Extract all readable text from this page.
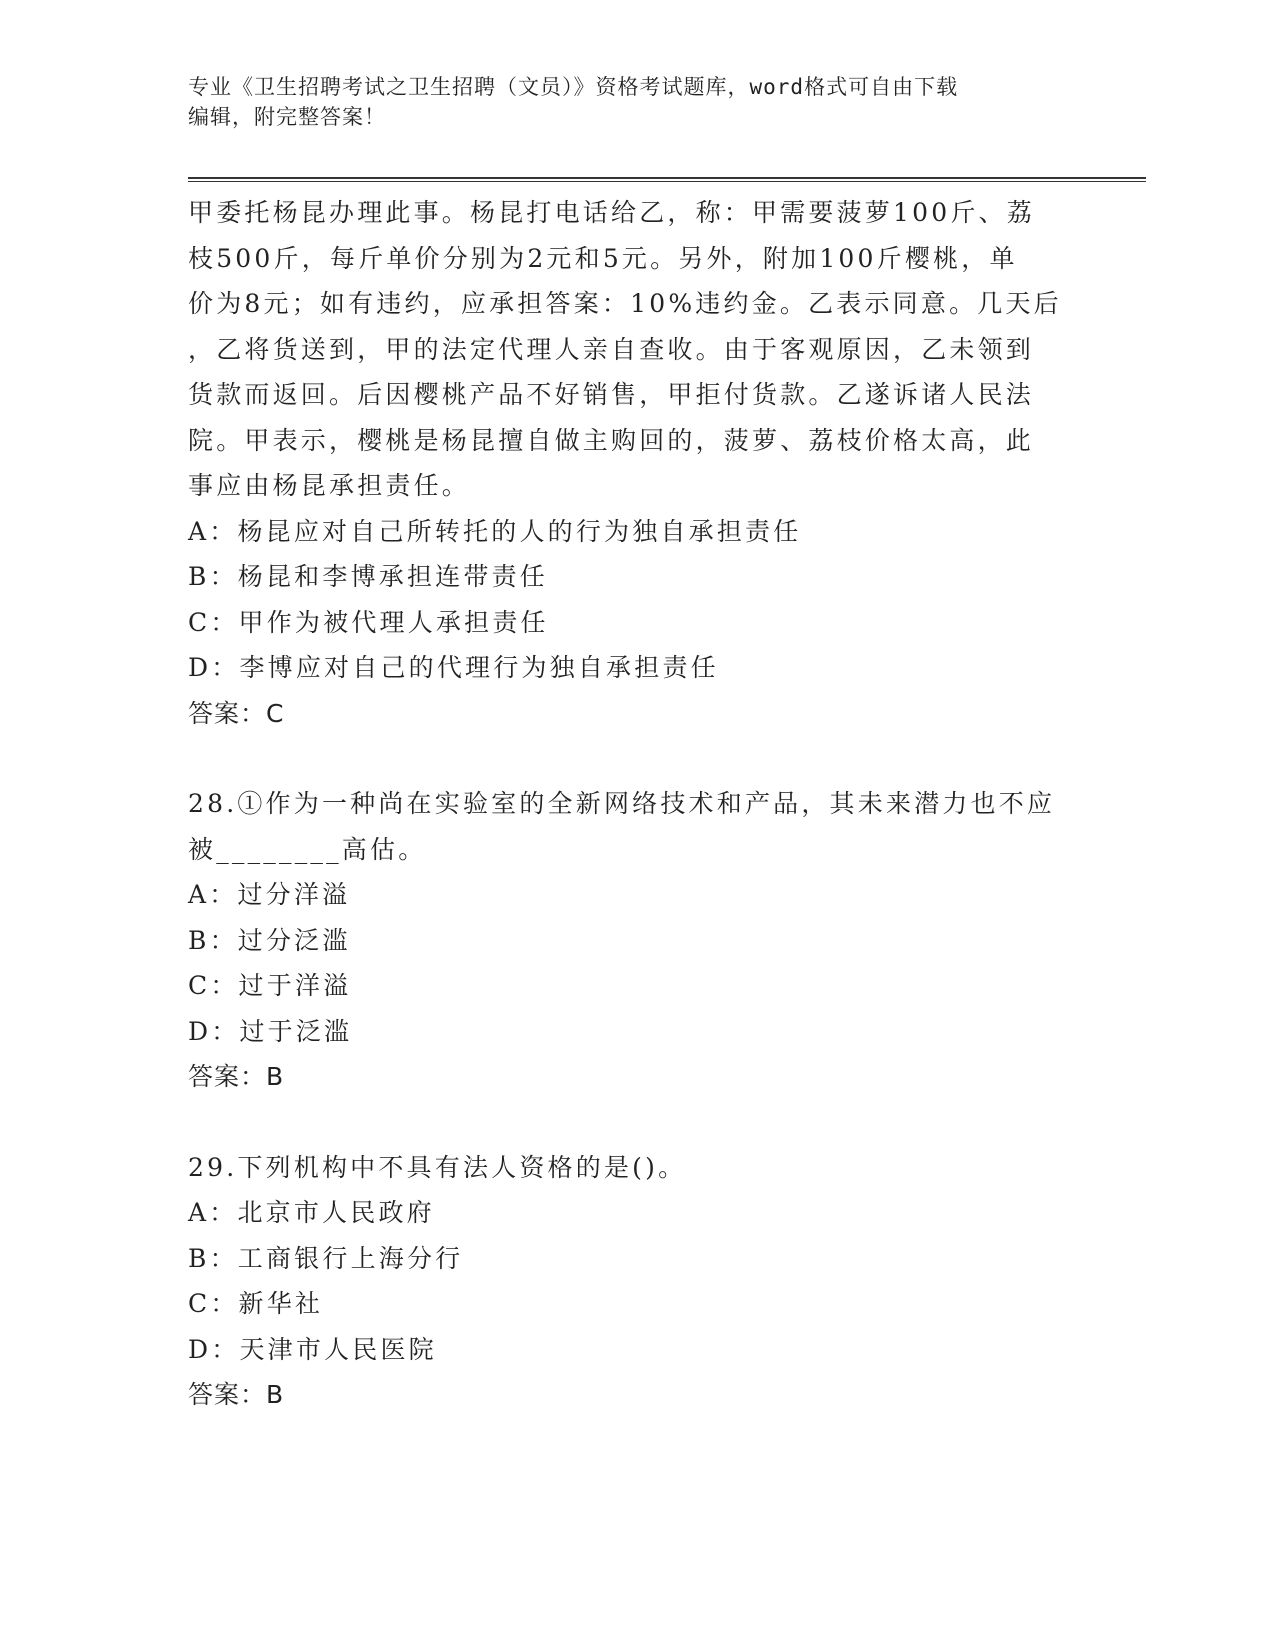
专业《卫生招聘考试之卫生招聘（文员）》资格考试题库，word格式可自由下载
编辑，附完整答案！

甲委托杨昆办理此事。杨昆打电话给乙，称：甲需要菠萝100斤、荔

枝500斤，每斤单价分别为2元和5元。另外，附加100斤樱桃，单

价为8元；如有违约，应承担答案：10%违约金。乙表示同意。几天后

，乙将货送到，甲的法定代理人亲自查收。由于客观原因，乙未领到

货款而返回。后因樱桃产品不好销售，甲拒付货款。乙遂诉诸人民法

院。甲表示，樱桃是杨昆擅自做主购回的，菠萝、荔枝价格太高，此

事应由杨昆承担责任。

A：杨昆应对自己所转托的人的行为独自承担责任

B：杨昆和李博承担连带责任

C：甲作为被代理人承担责任

D：李博应对自己的代理行为独自承担责任

答案：C

28.①作为一种尚在实验室的全新网络技术和产品，其未来潜力也不应

被________高估。

A：过分洋溢

B：过分泛滥

C：过于洋溢

D：过于泛滥

答案：B

29.下列机构中不具有法人资格的是()。

A：北京市人民政府

B：工商银行上海分行

C：新华社

D：天津市人民医院

答案：B
